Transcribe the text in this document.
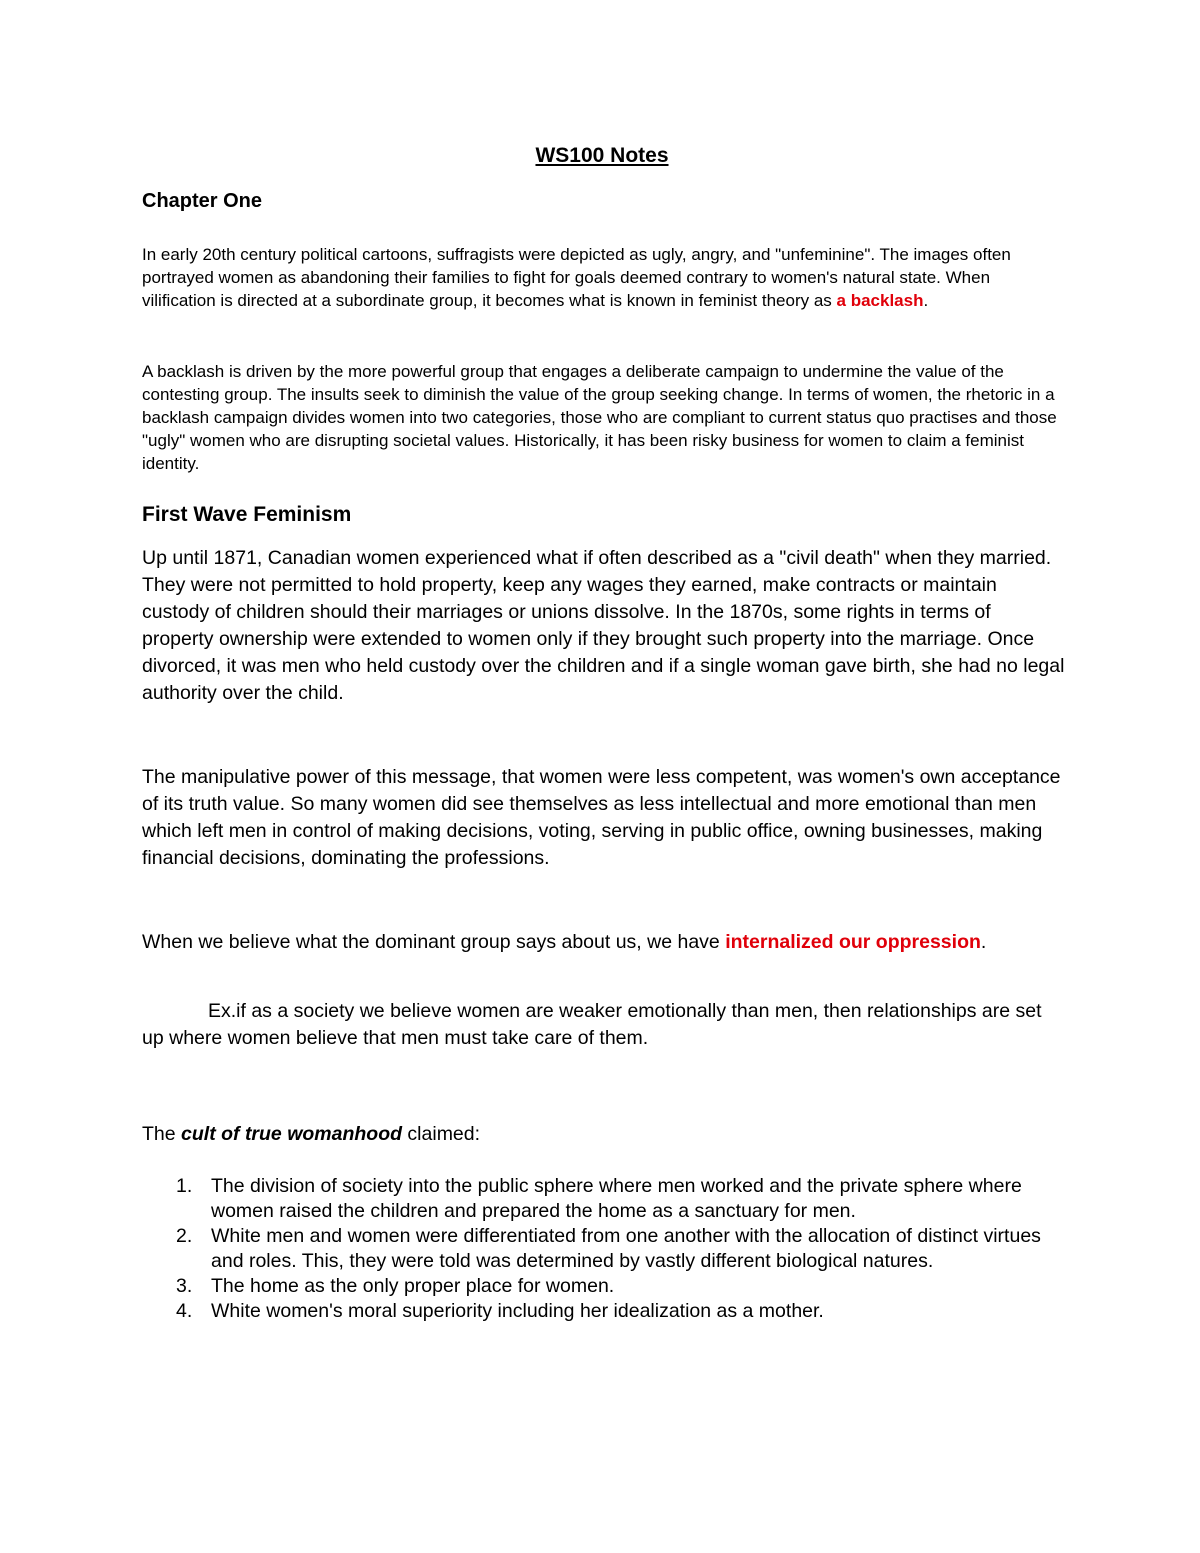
WS100 Notes
Chapter One

In early 20th century political cartoons, suffragists were depicted as ugly, angry, and "unfeminine". The images often portrayed women as abandoning their families to fight for goals deemed contrary to women's natural state. When vilification is directed at a subordinate group, it becomes what is known in feminist theory as a backlash.

A backlash is driven by the more powerful group that engages a deliberate campaign to undermine the value of the contesting group. The insults seek to diminish the value of the group seeking change. In terms of women, the rhetoric in a backlash campaign divides women into two categories, those who are compliant to current status quo practises and those "ugly" women who are disrupting societal values. Historically, it has been risky business for women to claim a feminist identity.

First Wave Feminism

Up until 1871, Canadian women experienced what if often described as a "civil death" when they married. They were not permitted to hold property, keep any wages they earned, make contracts or maintain custody of children should their marriages or unions dissolve. In the 1870s, some rights in terms of property ownership were extended to women only if they brought such property into the marriage. Once divorced, it was men who held custody over the children and if a single woman gave birth, she had no legal authority over the child.

The manipulative power of this message, that women were less competent, was women's own acceptance of its truth value. So many women did see themselves as less intellectual and more emotional than men which left men in control of making decisions, voting, serving in public office, owning businesses, making financial decisions, dominating the professions.

When we believe what the dominant group says about us, we have internalized our oppression.

Ex.if as a society we believe women are weaker emotionally than men, then relationships are set up where women believe that men must take care of them.

The cult of true womanhood claimed:

1. The division of society into the public sphere where men worked and the private sphere where women raised the children and prepared the home as a sanctuary for men.
2. White men and women were differentiated from one another with the allocation of distinct virtues and roles. This, they were told was determined by vastly different biological natures.
3. The home as the only proper place for women.
4. White women's moral superiority including her idealization as a mother.
